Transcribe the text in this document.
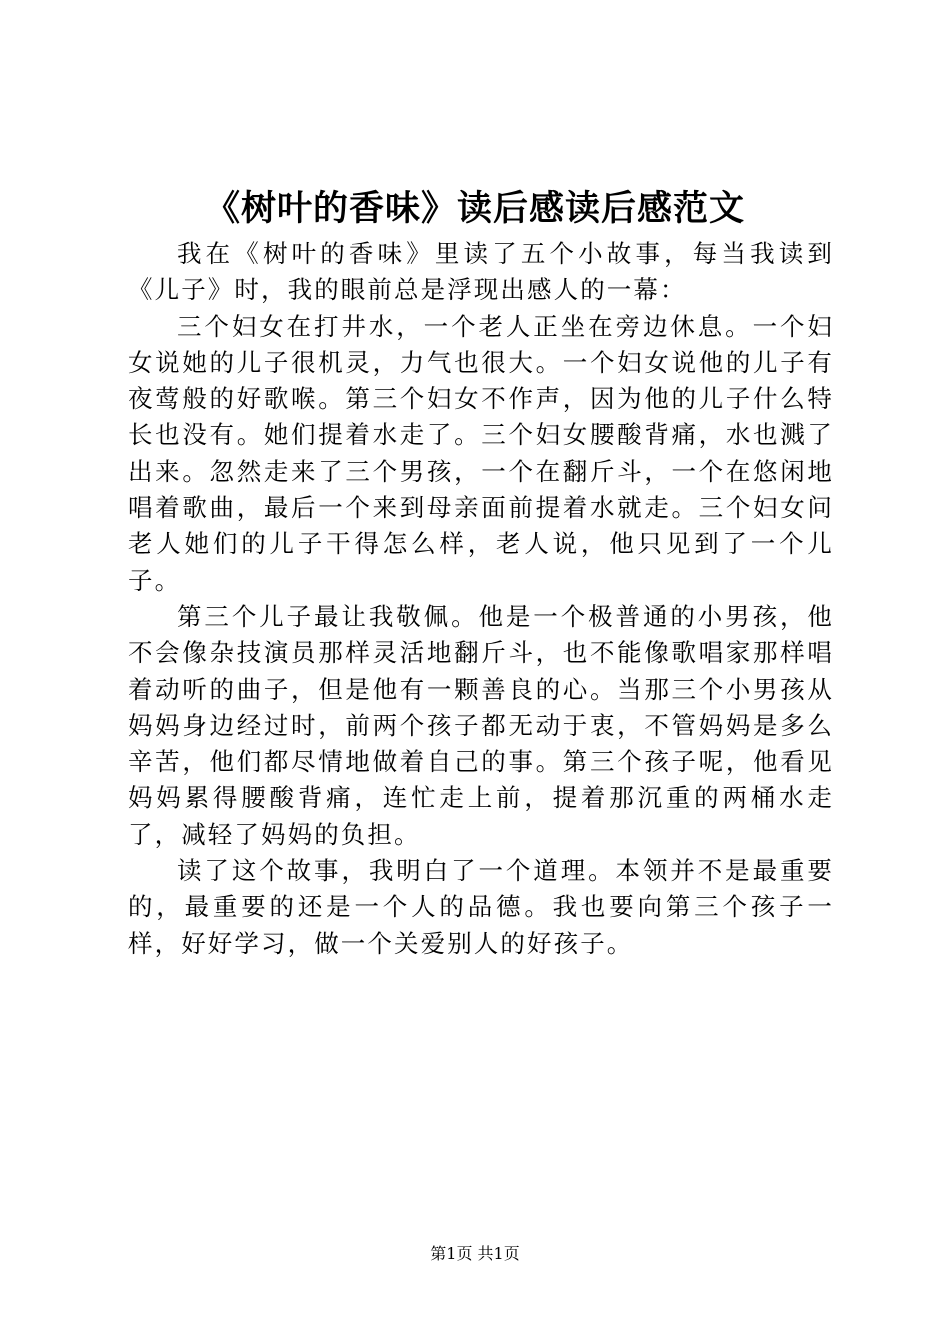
《树叶的香味》读后感读后感范文

我在《树叶的香味》里读了五个小故事，每当我读到《儿子》时，我的眼前总是浮现出感人的一幕：

三个妇女在打井水，一个老人正坐在旁边休息。一个妇女说她的儿子很机灵，力气也很大。一个妇女说他的儿子有夜莺般的好歌喉。第三个妇女不作声，因为他的儿子什么特长也没有。她们提着水走了。三个妇女腰酸背痛，水也溅了出来。忽然走来了三个男孩，一个在翻斤斗，一个在悠闲地唱着歌曲，最后一个来到母亲面前提着水就走。三个妇女问老人她们的儿子干得怎么样，老人说，他只见到了一个儿子。

第三个儿子最让我敬佩。他是一个极普通的小男孩，他不会像杂技演员那样灵活地翻斤斗，也不能像歌唱家那样唱着动听的曲子，但是他有一颗善良的心。当那三个小男孩从妈妈身边经过时，前两个孩子都无动于衷，不管妈妈是多么辛苦，他们都尽情地做着自己的事。第三个孩子呢，他看见妈妈累得腰酸背痛，连忙走上前，提着那沉重的两桶水走了，减轻了妈妈的负担。

读了这个故事，我明白了一个道理。本领并不是最重要的，最重要的还是一个人的品德。我也要向第三个孩子一样，好好学习，做一个关爱别人的好孩子。

第1页 共1页
